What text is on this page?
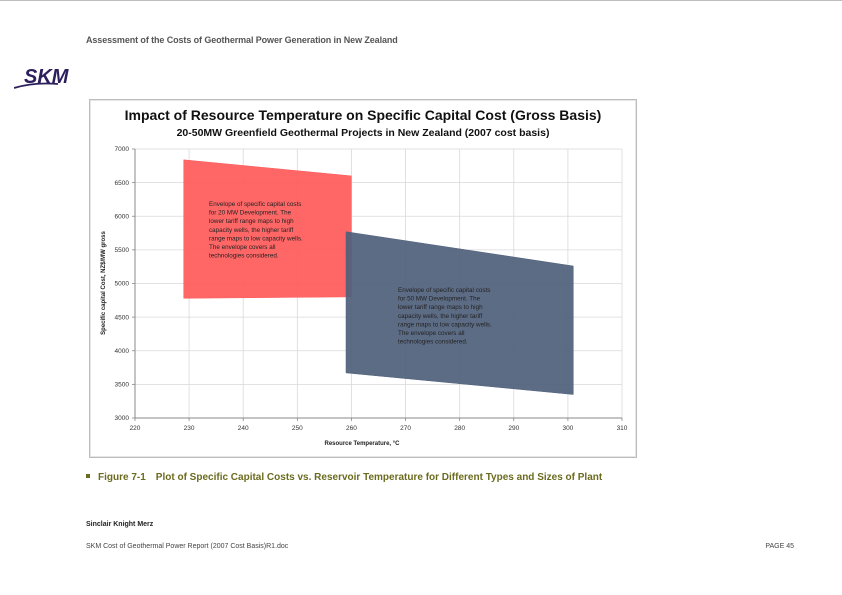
Assessment of the Costs of Geothermal Power Generation in New Zealand
SKM
Impact of Resource Temperature on Specific Capital Cost (Gross Basis)
20-50MW Greenfield Geothermal Projects in New Zealand (2007 cost basis)
220	230	240	250	260	270	280	290	300	310
3000
3500
4000
4500
5000
5500
6000
6500
7000
Envelope of specific capital costs
for 20 MW Development. The
lower tariff range maps to high
capacity wells, the higher tariff
range maps to low capacity wells.
The envelope covers all
technologies considered.
Envelope of specific capital costs
for 50 MW Development. The
lower tariff range maps to high
capacity wells, the higher tariff
range maps to low capacity wells.
The envelope covers all
technologies considered.
Resource Temperature, °C
Specific capital Cost, NZ$/MW gross
Figure 7-1 Plot of Specific Capital Costs vs. Reservoir Temperature for Different Types and Sizes of Plant
Sinclair Knight Merz
SKM Cost of Geothermal Power Report (2007 Cost Basis)R1.doc	PAGE 45
